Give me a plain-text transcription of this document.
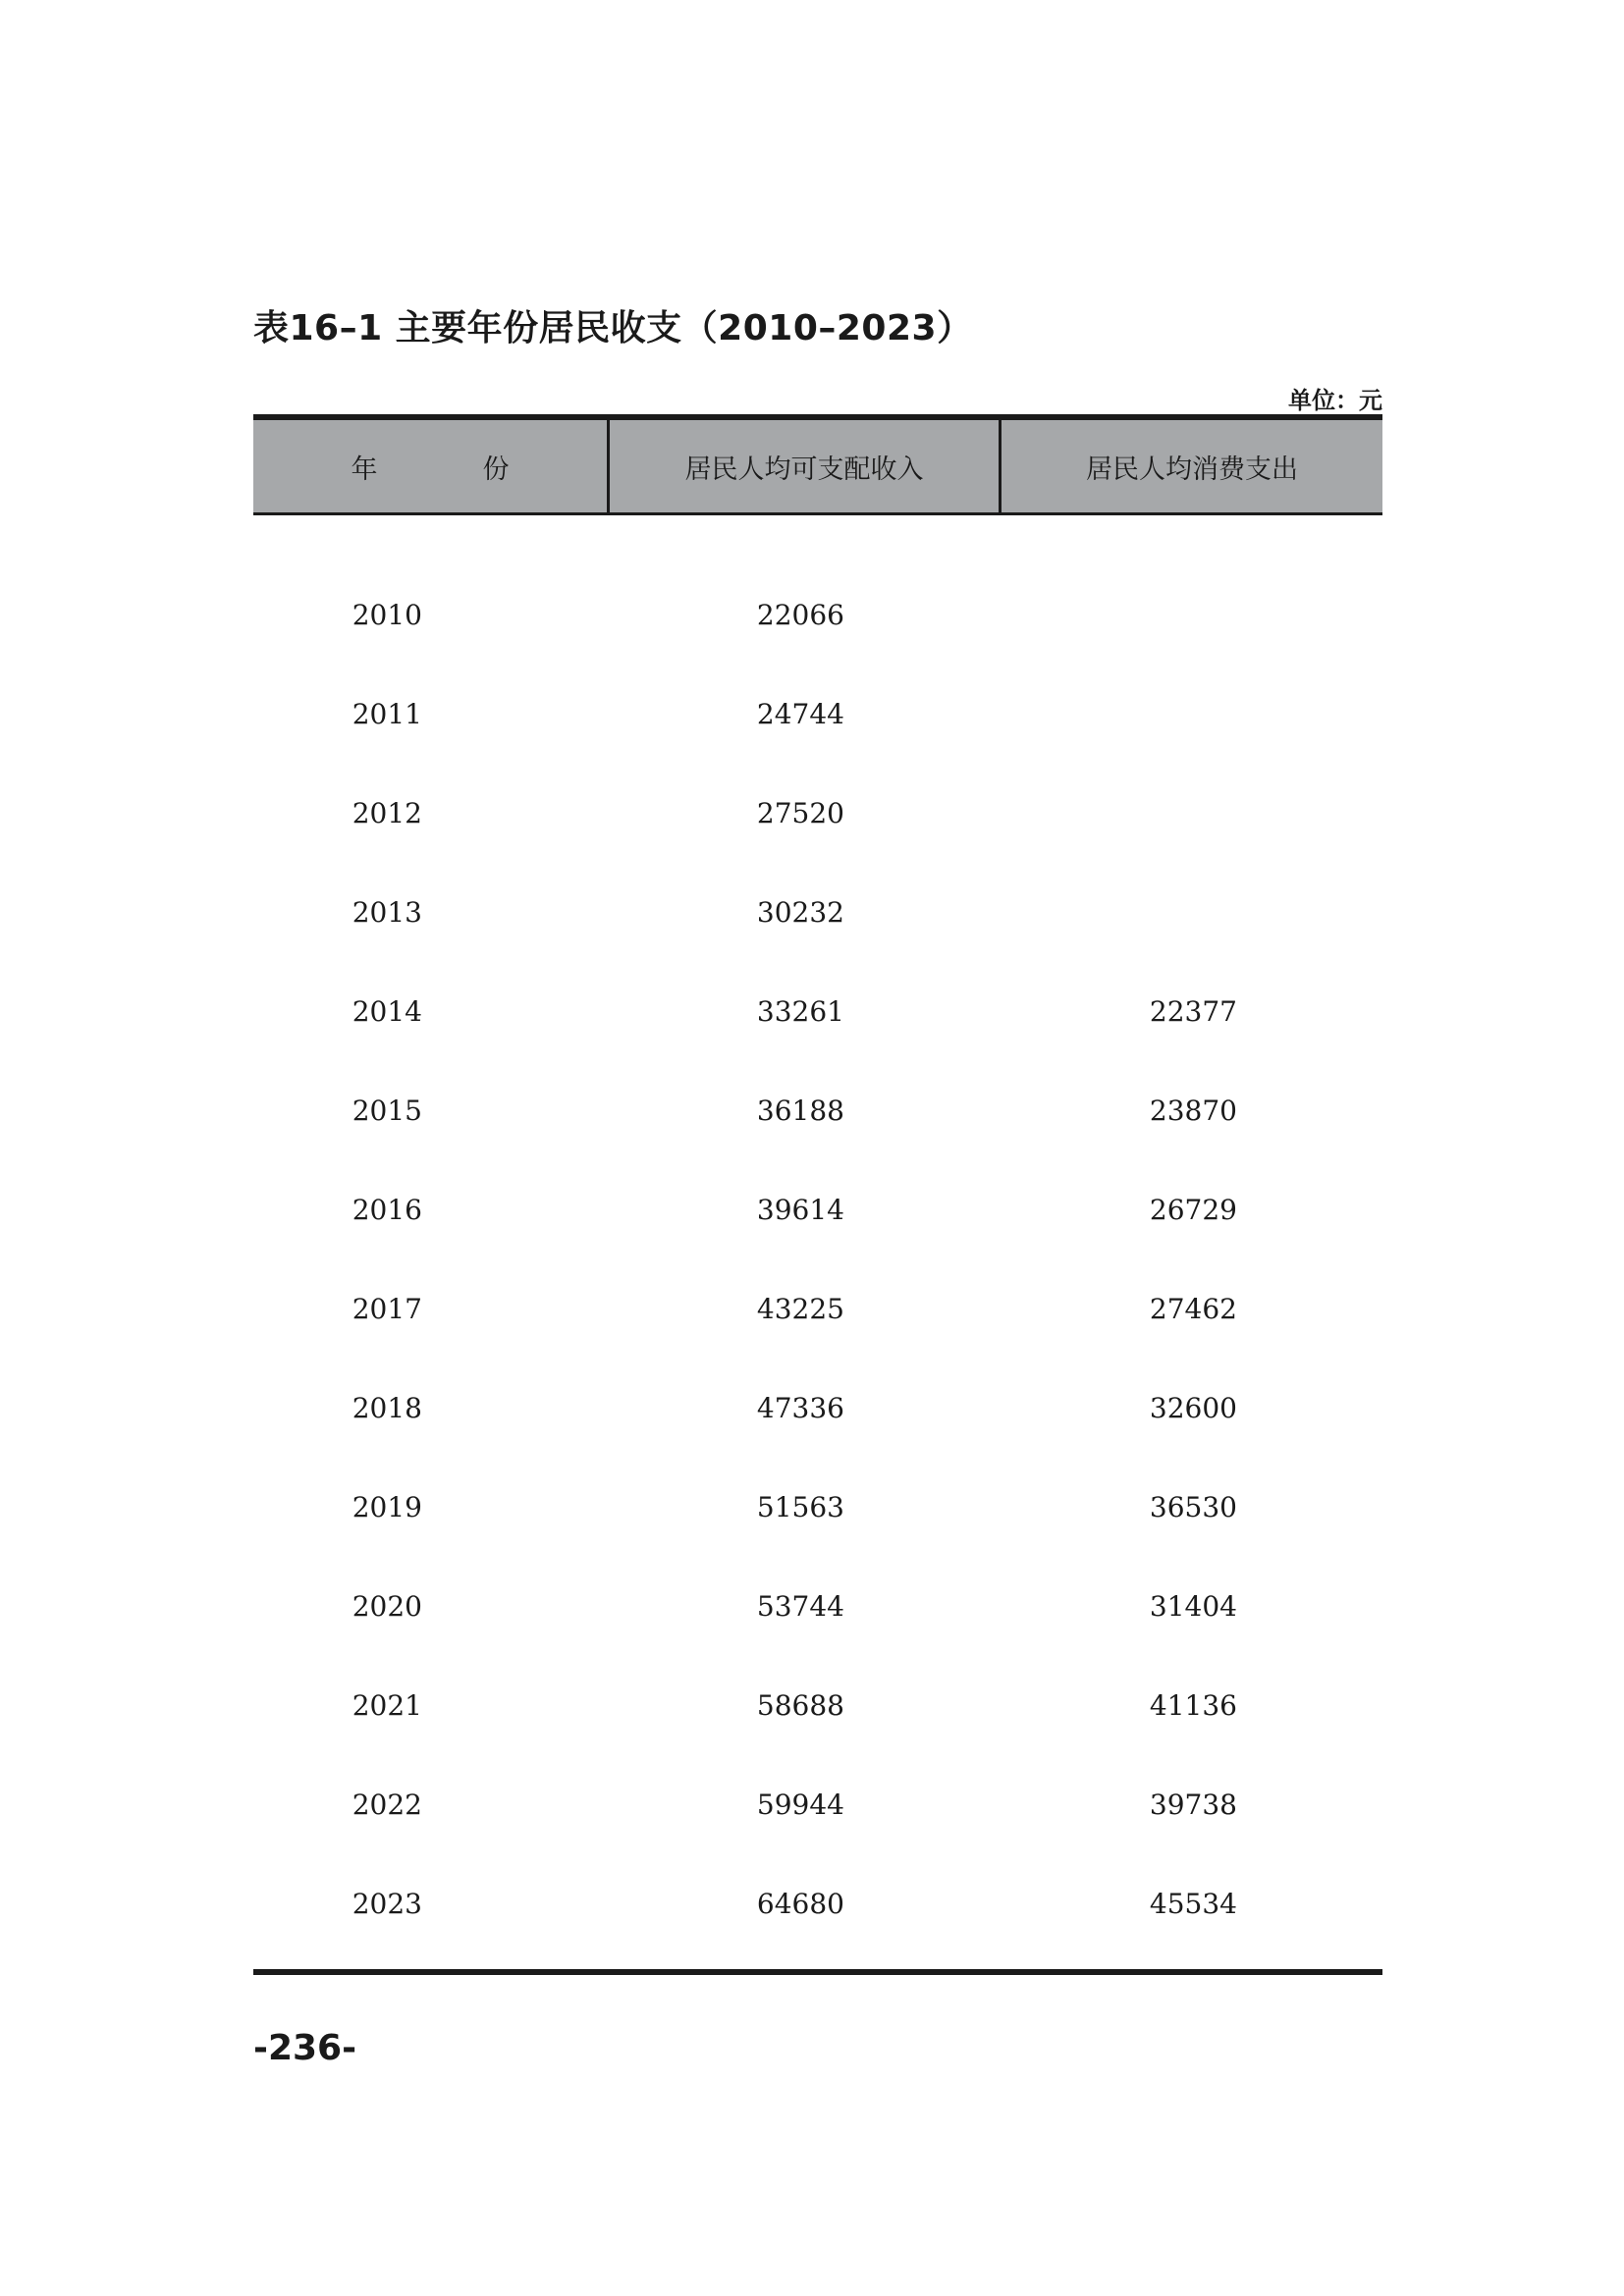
表16–1 主要年份居民收支（2010–2023）
单位：元
年　份	居民人均可支配收入	居民人均消费支出
2010	22066
2011	24744
2012	27520
2013	30232
2014	33261	22377
2015	36188	23870
2016	39614	26729
2017	43225	27462
2018	47336	32600
2019	51563	36530
2020	53744	31404
2021	58688	41136
2022	59944	39738
2023	64680	45534
-236-
